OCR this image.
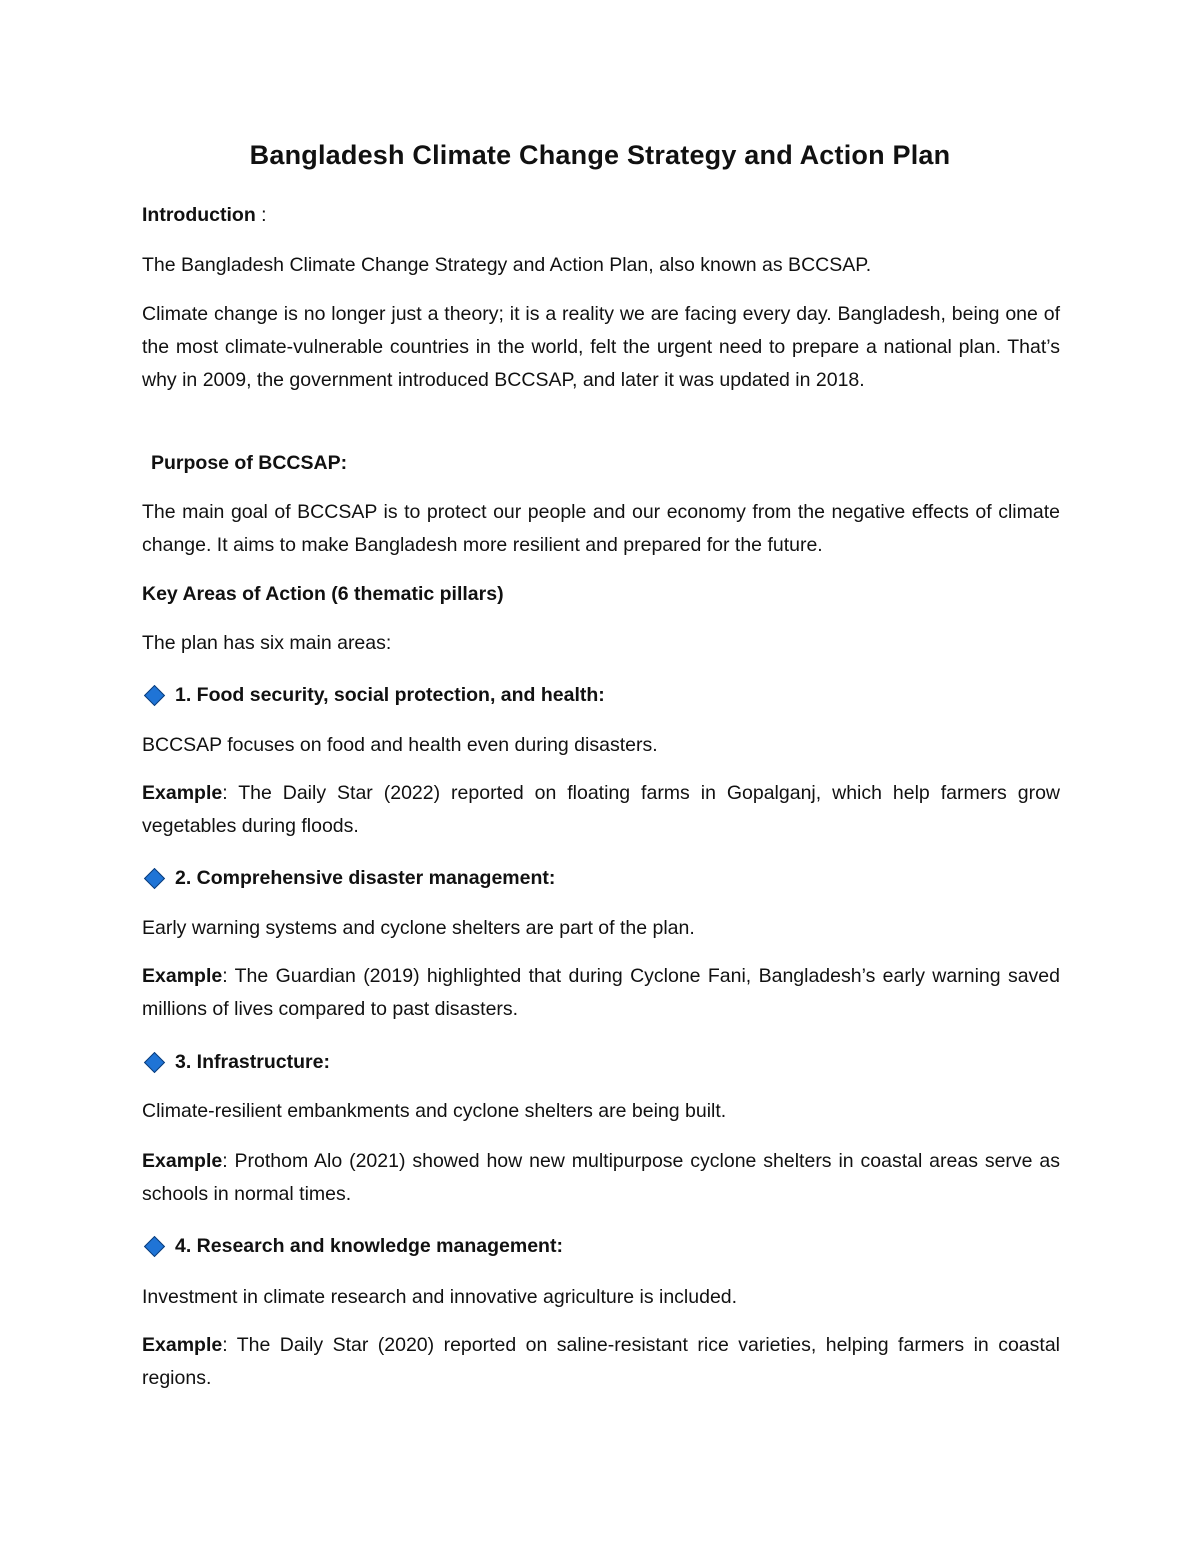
Bangladesh Climate Change Strategy and Action Plan

Introduction :

The Bangladesh Climate Change Strategy and Action Plan, also known as BCCSAP.

Climate change is no longer just a theory; it is a reality we are facing every day. Bangladesh, being one of the most climate-vulnerable countries in the world, felt the urgent need to prepare a national plan. That’s why in 2009, the government introduced BCCSAP, and later it was updated in 2018.

Purpose of BCCSAP:

The main goal of BCCSAP is to protect our people and our economy from the negative effects of climate change. It aims to make Bangladesh more resilient and prepared for the future.

Key Areas of Action (6 thematic pillars)

The plan has six main areas:

1. Food security, social protection, and health:

BCCSAP focuses on food and health even during disasters.

Example: The Daily Star (2022) reported on floating farms in Gopalganj, which help farmers grow vegetables during floods.

2. Comprehensive disaster management:

Early warning systems and cyclone shelters are part of the plan.

Example: The Guardian (2019) highlighted that during Cyclone Fani, Bangladesh’s early warning saved millions of lives compared to past disasters.

3. Infrastructure:

Climate-resilient embankments and cyclone shelters are being built.

Example: Prothom Alo (2021) showed how new multipurpose cyclone shelters in coastal areas serve as schools in normal times.

4. Research and knowledge management:

Investment in climate research and innovative agriculture is included.

Example: The Daily Star (2020) reported on saline-resistant rice varieties, helping farmers in coastal regions.
